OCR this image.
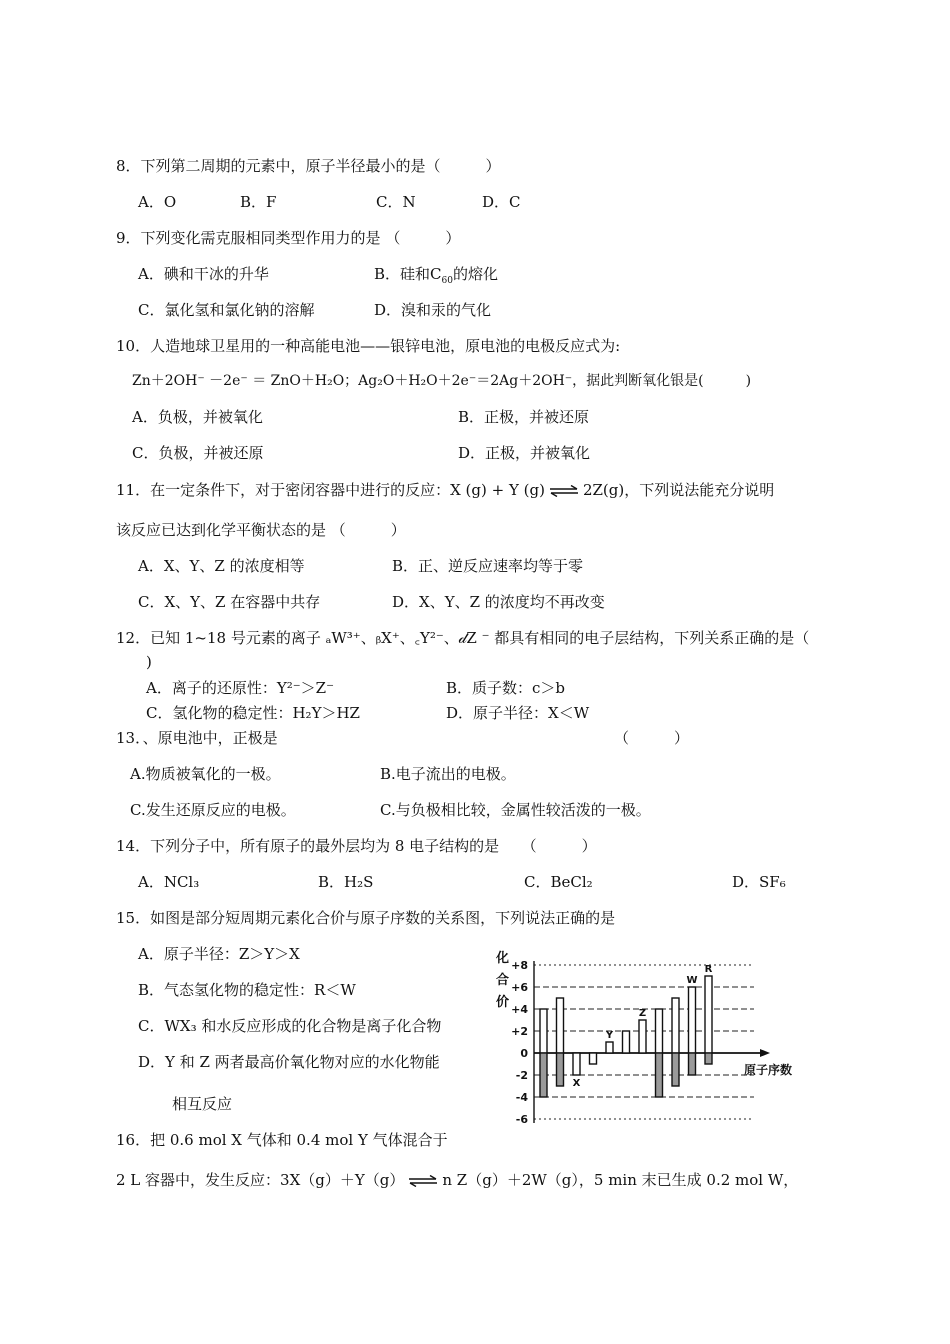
8．下列第二周期的元素中，原子半径最小的是（　　　）
A．O	B．F	C．N	D．C
9．下列变化需克服相同类型作用力的是 （　　　）
A．碘和干冰的升华	B．硅和$C_{60}$的熔化
C．氯化氢和氯化钠的溶解	D．溴和汞的气化
10．人造地球卫星用的一种高能电池——银锌电池，原电池的电极反应式为:
Zn＋2OH⁻ －2e⁻ ＝ ZnO＋H₂O；Ag₂O＋H₂O＋2e⁻＝2Ag＋2OH⁻，据此判断氧化银是(　　　)
A．负极，并被氧化	B．正极，并被还原
C．负极，并被还原	D．正极，并被氧化
11．在一定条件下，对于密闭容器中进行的反应：X (g) + Y (g) ⇌ 2Z(g)，下列说法能充分说明
该反应已达到化学平衡状态的是 （　　　）
A．X、Y、Z 的浓度相等	B．正、逆反应速率均等于零
C．X、Y、Z 在容器中共存	D．X、Y、Z 的浓度均不再改变
12．已知 1~18 号元素的离子 ₐW³⁺、ᵦX⁺、꜀Y²⁻、𝒹Z ⁻ 都具有相同的电子层结构，下列关系正确的是（
)
A．离子的还原性：Y²⁻＞Z⁻	B．质子数：c＞b
C．氢化物的稳定性：H₂Y＞HZ	D．原子半径：X＜W
13．、原电池中，正极是	（　　　）
A.物质被氧化的一极。	B.电子流出的电极。
C.发生还原反应的电极。	C.与负极相比较，金属性较活泼的一极。
14．下列分子中，所有原子的最外层均为 8 电子结构的是　　（　　　）
A．NCl₃	B．H₂S	C．BeCl₂	D．SF₆
15．如图是部分短周期元素化合价与原子序数的关系图，下列说法正确的是
A．原子半径：Z＞Y＞X
B．气态氢化物的稳定性：R＜W
C．WX₃ 和水反应形成的化合物是离子化合物
D．Y 和 Z 两者最高价氧化物对应的水化物能
相互反应
+8
+6
+4
+2
0
-2
-4
-6
化
合
价
原子序数
X
Y
Z
W
R
16．把 0.6 mol X 气体和 0.4 mol Y 气体混合于
2 L 容器中，发生反应：3X（g）＋Y（g） ⇌ n Z（g）＋2W（g），5 min 末已生成 0.2 mol W，
